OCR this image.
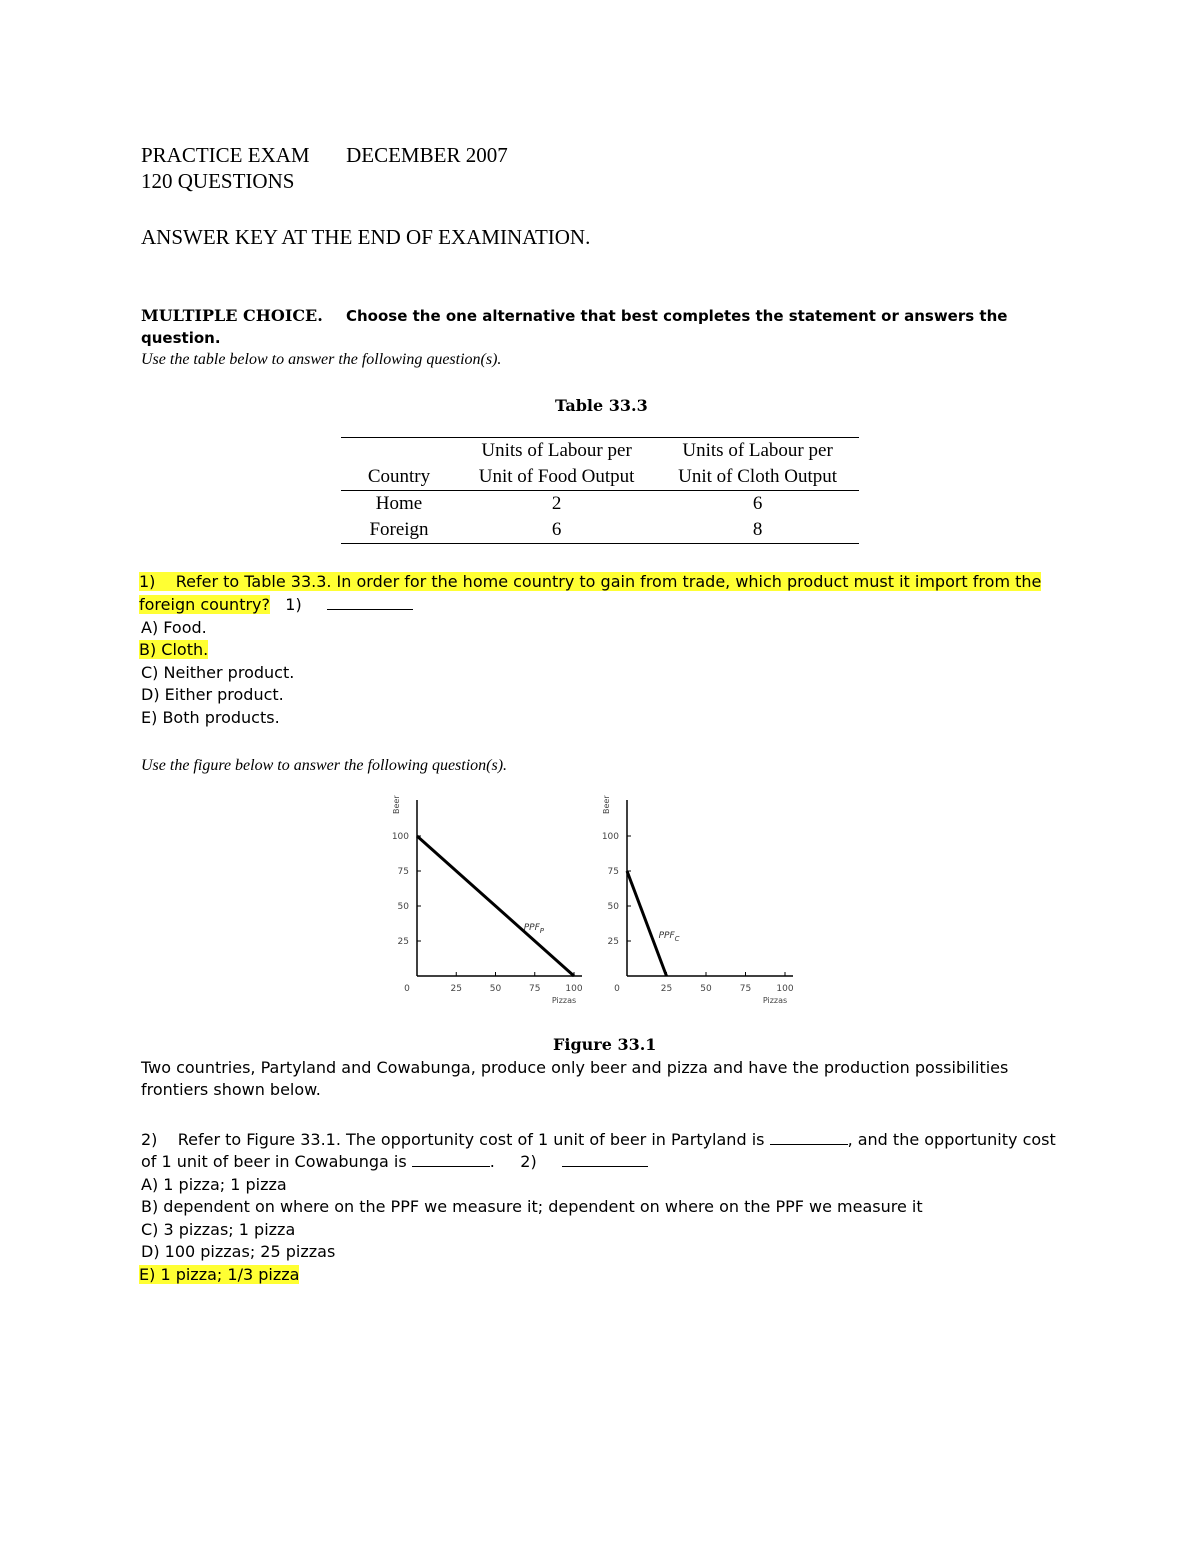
PRACTICE EXAM DECEMBER 2007
120 QUESTIONS
ANSWER KEY AT THE END OF EXAMINATION.
MULTIPLE CHOICE. Choose the one alternative that best completes the statement or answers the
question.
Use the table below to answer the following question(s).
Table 33.3
	Units of Labour per	Units of Labour per
Country	Unit of Food Output	Unit of Cloth Output
Home	2	6
Foreign	6	8
1) Refer to Table 33.3. In order for the home country to gain from trade, which product must it import from the
foreign country? 1)
A) Food.
B) Cloth.
C) Neither product.
D) Either product.
E) Both products.
Use the figure below to answer the following question(s).
Beer
25
50
75
100
0	25	50	75	100
Pizzas
$PPF_P$
Beer
25
50
75
100
0	25	50	75	100
Pizzas
$PPF_C$
Figure 33.1
Two countries, Partyland and Cowabunga, produce only beer and pizza and have the production possibilities
frontiers shown below.
2) Refer to Figure 33.1. The opportunity cost of 1 unit of beer in Partyland is	, and the opportunity cost
of 1 unit of beer in Cowabunga is	.     2)
A) 1 pizza; 1 pizza
B) dependent on where on the PPF we measure it; dependent on where on the PPF we measure it
C) 3 pizzas; 1 pizza
D) 100 pizzas; 25 pizzas
E) 1 pizza; 1/3 pizza
